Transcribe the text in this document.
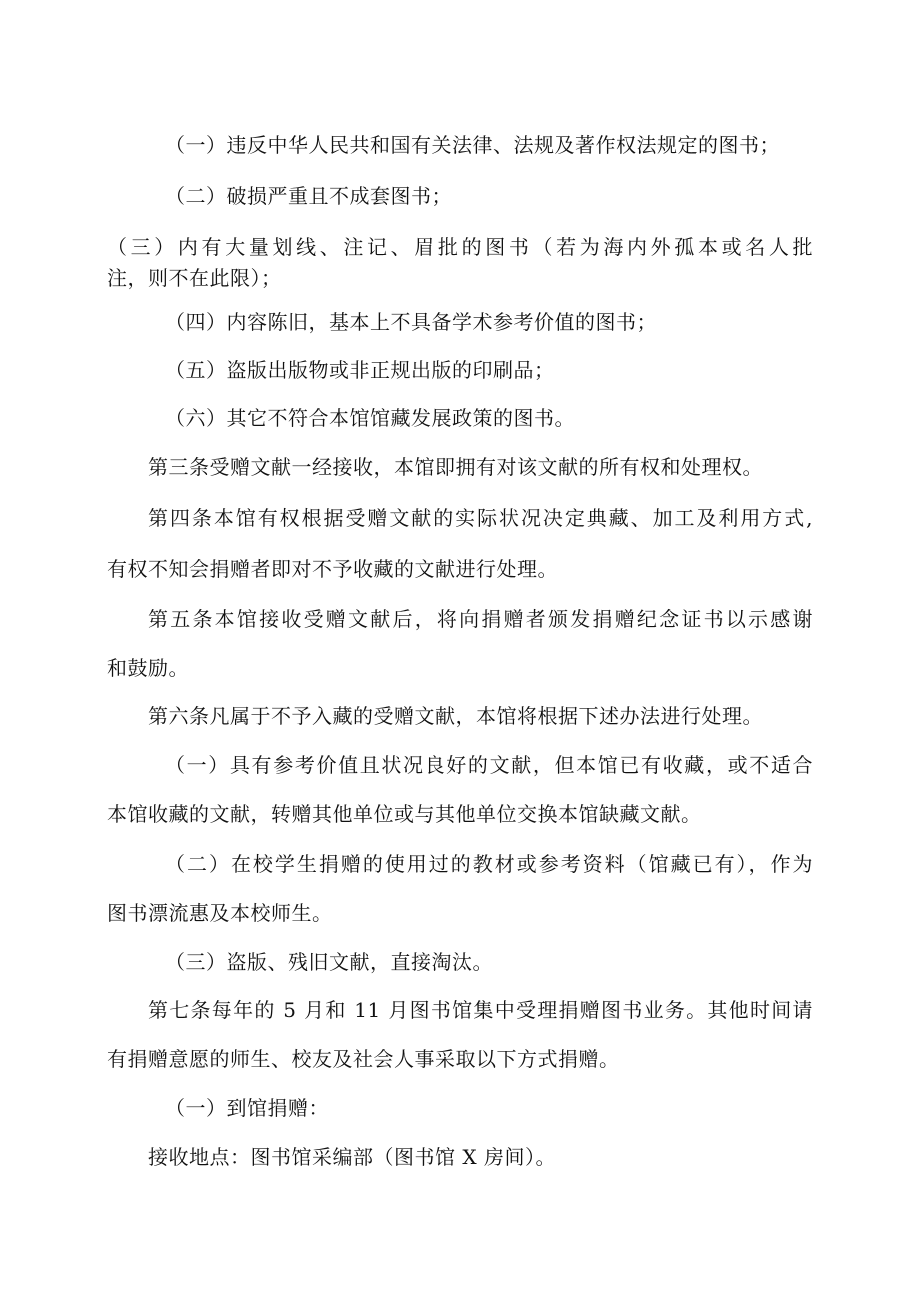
（一）违反中华人民共和国有关法律、法规及著作权法规定的图书；

（二）破损严重且不成套图书；

（三）内有大量划线、注记、眉批的图书（若为海内外孤本或名人批

注，则不在此限）；

（四）内容陈旧，基本上不具备学术参考价值的图书；

（五）盗版出版物或非正规出版的印刷品；

（六）其它不符合本馆馆藏发展政策的图书。

第三条受赠文献一经接收，本馆即拥有对该文献的所有权和处理权。

第四条本馆有权根据受赠文献的实际状况决定典藏、加工及利用方式,

有权不知会捐赠者即对不予收藏的文献进行处理。

第五条本馆接收受赠文献后，将向捐赠者颁发捐赠纪念证书以示感谢

和鼓励。

第六条凡属于不予入藏的受赠文献，本馆将根据下述办法进行处理。

（一）具有参考价值且状况良好的文献，但本馆已有收藏，或不适合

本馆收藏的文献，转赠其他单位或与其他单位交换本馆缺藏文献。

（二）在校学生捐赠的使用过的教材或参考资料（馆藏已有），作为

图书漂流惠及本校师生。

（三）盗版、残旧文献，直接淘汰。

第七条每年的 5 月和 11 月图书馆集中受理捐赠图书业务。其他时间请

有捐赠意愿的师生、校友及社会人事采取以下方式捐赠。

（一）到馆捐赠：

接收地点：图书馆采编部（图书馆 X 房间）。
